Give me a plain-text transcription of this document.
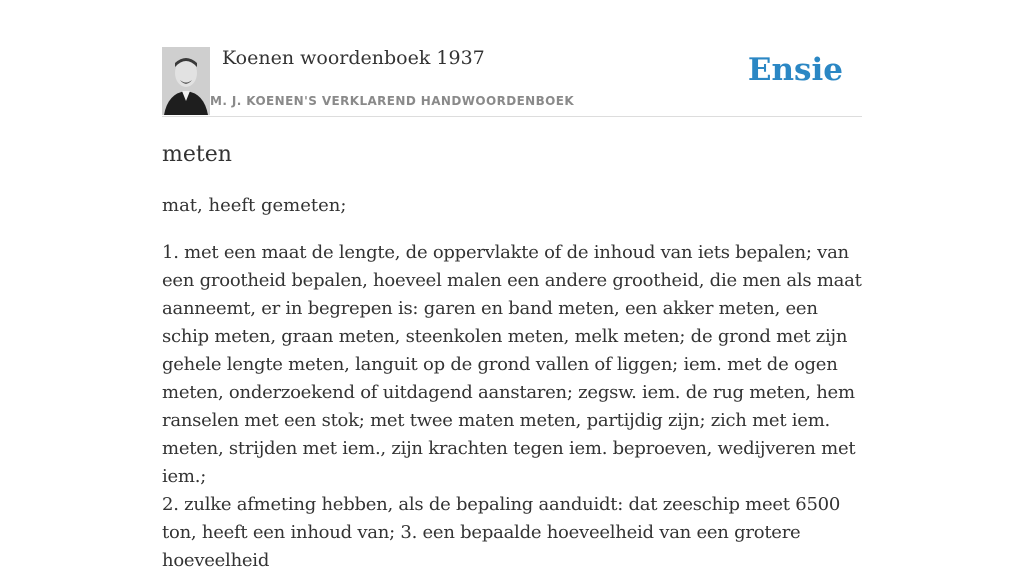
Koenen woordenboek 1937
M. J. KOENEN'S VERKLAREND HANDWOORDENBOEK
Ensie
meten

mat, heeft gemeten;

1. met een maat de lengte, de oppervlakte of de inhoud van iets bepalen; van een grootheid bepalen, hoeveel malen een andere grootheid, die men als maat aanneemt, er in begrepen is: garen en band meten, een akker meten, een schip meten, graan meten, steenkolen meten, melk meten; de grond met zijn gehele lengte meten, languit op de grond vallen of liggen; iem. met de ogen meten, onderzoekend of uitdagend aanstaren; zegsw. iem. de rug meten, hem ranselen met een stok; met twee maten meten, partijdig zijn; zich met iem. meten, strijden met iem., zijn krachten tegen iem. beproeven, wedijveren met iem.;
2. zulke afmeting hebben, als de bepaling aanduidt: dat zeeschip meet 6500 ton, heeft een inhoud van; 3. een bepaalde hoeveelheid van een grotere hoeveelheid
